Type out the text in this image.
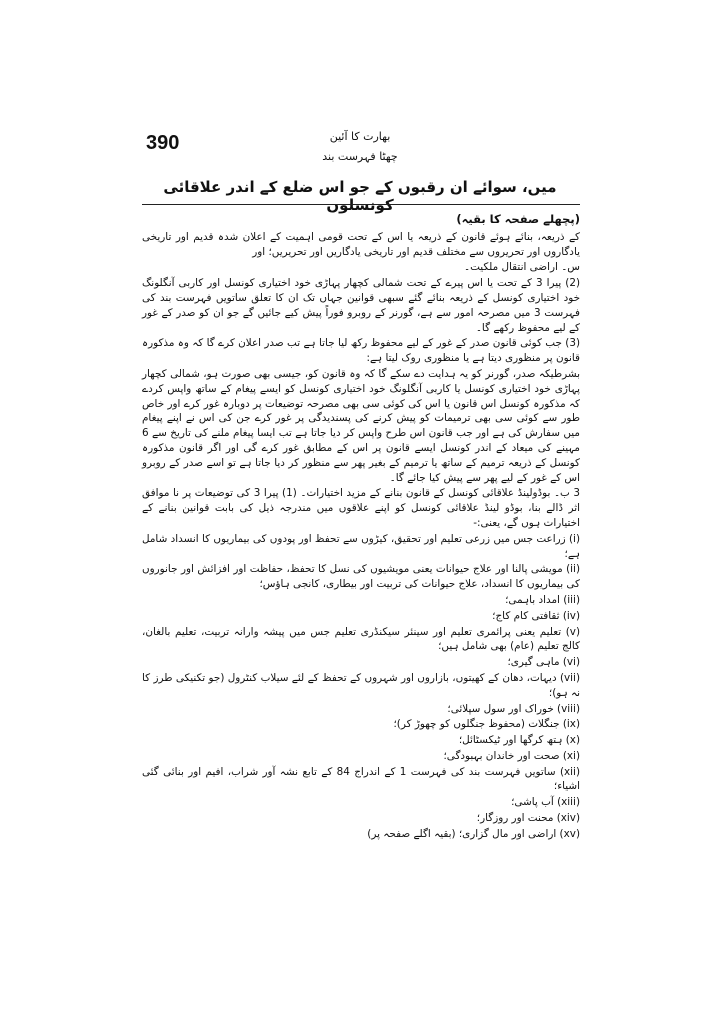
390	بھارت کا آئین
چھٹا فہرست بند
میں، سوائے ان رقبوں کے جو اس ضلع کے اندر علاقائی کونسلوں

(پچھلے صفحہ کا بقیہ)

کے ذریعہ، بنائے ہوئے قانون کے ذریعہ یا اس کے تحت قومی اہمیت کے اعلان شدہ قدیم اور تاریخی یادگاروں اور تحریروں سے مختلف قدیم اور تاریخی یادگاریں اور تحریریں؛ اور

س۔ اراضی انتقال ملکیت۔

(2) پیرا 3 کے تحت یا اس پیرے کے تحت شمالی کچھار پہاڑی خود اختیاری کونسل اور کاربی آنگلونگ خود اختیاری کونسل کے ذریعہ بنائے گئے سبھی قوانین جہاں تک ان کا تعلق ساتویں فہرست بند کی فہرست 3 میں مصرحہ امور سے ہے، گورنر کے روبرو فوراً پیش کیے جائیں گے جو ان کو صدر کے غور کے لیے محفوظ رکھے گا۔

(3) جب کوئی قانون صدر کے غور کے لیے محفوظ رکھ لیا جاتا ہے تب صدر اعلان کرے گا کہ وہ مذکورہ قانون پر منظوری دیتا ہے یا منظوری روک لیتا ہے:

بشرطیکہ صدر، گورنر کو یہ ہدایت دے سکے گا کہ وہ قانون کو، جیسی بھی صورت ہو، شمالی کچھار پہاڑی خود اختیاری کونسل یا کاربی آنگلونگ خود اختیاری کونسل کو ایسے پیغام کے ساتھ واپس کردے کہ مذکورہ کونسل اس قانون یا اس کی کوئی سی بھی مصرحہ توضیعات پر دوبارہ غور کرے اور خاص طور سے کوئی سی بھی ترمیمات کو پیش کرنے کی پسندیدگی پر غور کرے جن کی اس نے اپنے پیغام میں سفارش کی ہے اور جب قانون اس طرح واپس کر دیا جاتا ہے تب ایسا پیغام ملنے کی تاریخ سے 6 مہینے کی میعاد کے اندر کونسل ایسے قانون پر اس کے مطابق غور کرے گی اور اگر قانون مذکورہ کونسل کے ذریعہ ترمیم کے ساتھ یا ترمیم کے بغیر پھر سے منظور کر دیا جاتا ہے تو اسے صدر کے روبرو اس کے غور کے لیے پھر سے پیش کیا جائے گا۔

3 ب۔ بوڈولینڈ علاقائی کونسل کے قانون بنانے کے مزید اختیارات۔ (1) پیرا 3 کی توضیعات پر نا موافق اثر ڈالے بنا، بوڈو لینڈ علاقائی کونسل کو اپنے علاقوں میں مندرجہ ذیل کی بابت قوانین بنانے کے اختیارات ہوں گے، یعنی:-

(i) زراعت جس میں زرعی تعلیم اور تحقیق، کیڑوں سے تحفظ اور پودوں کی بیماریوں کا انسداد شامل ہے؛
(ii) مویشی پالنا اور علاج حیوانات یعنی مویشیوں کی نسل کا تحفظ، حفاظت اور افزائش اور جانوروں کی بیماریوں کا انسداد، علاج حیوانات کی تربیت اور بیطاری، کانجی ہاؤس؛
(iii) امداد باہمی؛
(iv) ثقافتی کام کاج؛
(v) تعلیم یعنی پرائمری تعلیم اور سینئر سیکنڈری تعلیم جس میں پیشہ وارانہ تربیت، تعلیم بالغان، کالج تعلیم (عام) بھی شامل ہیں؛
(vi) ماہی گیری؛
(vii) دیہات، دھان کے کھیتوں، بازاروں اور شہروں کے تحفظ کے لئے سیلاب کنٹرول (جو تکنیکی طرز کا نہ ہو)؛
(viii) خوراک اور سول سپلائی؛
(ix) جنگلات (محفوظ جنگلوں کو چھوڑ کر)؛
(x) ہتھ کرگھا اور ٹیکسٹائل؛
(xi) صحت اور خاندان بہبودگی؛
(xii) ساتویں فہرست بند کی فہرست 1 کے اندراج 84 کے تابع نشہ آور شراب، افیم اور بنائی گئی اشیاء؛
(xiii) آب پاشی؛
(xiv) محنت اور روزگار؛
(xv) اراضی اور مال گزاری؛ (بقیہ اگلے صفحہ پر)
